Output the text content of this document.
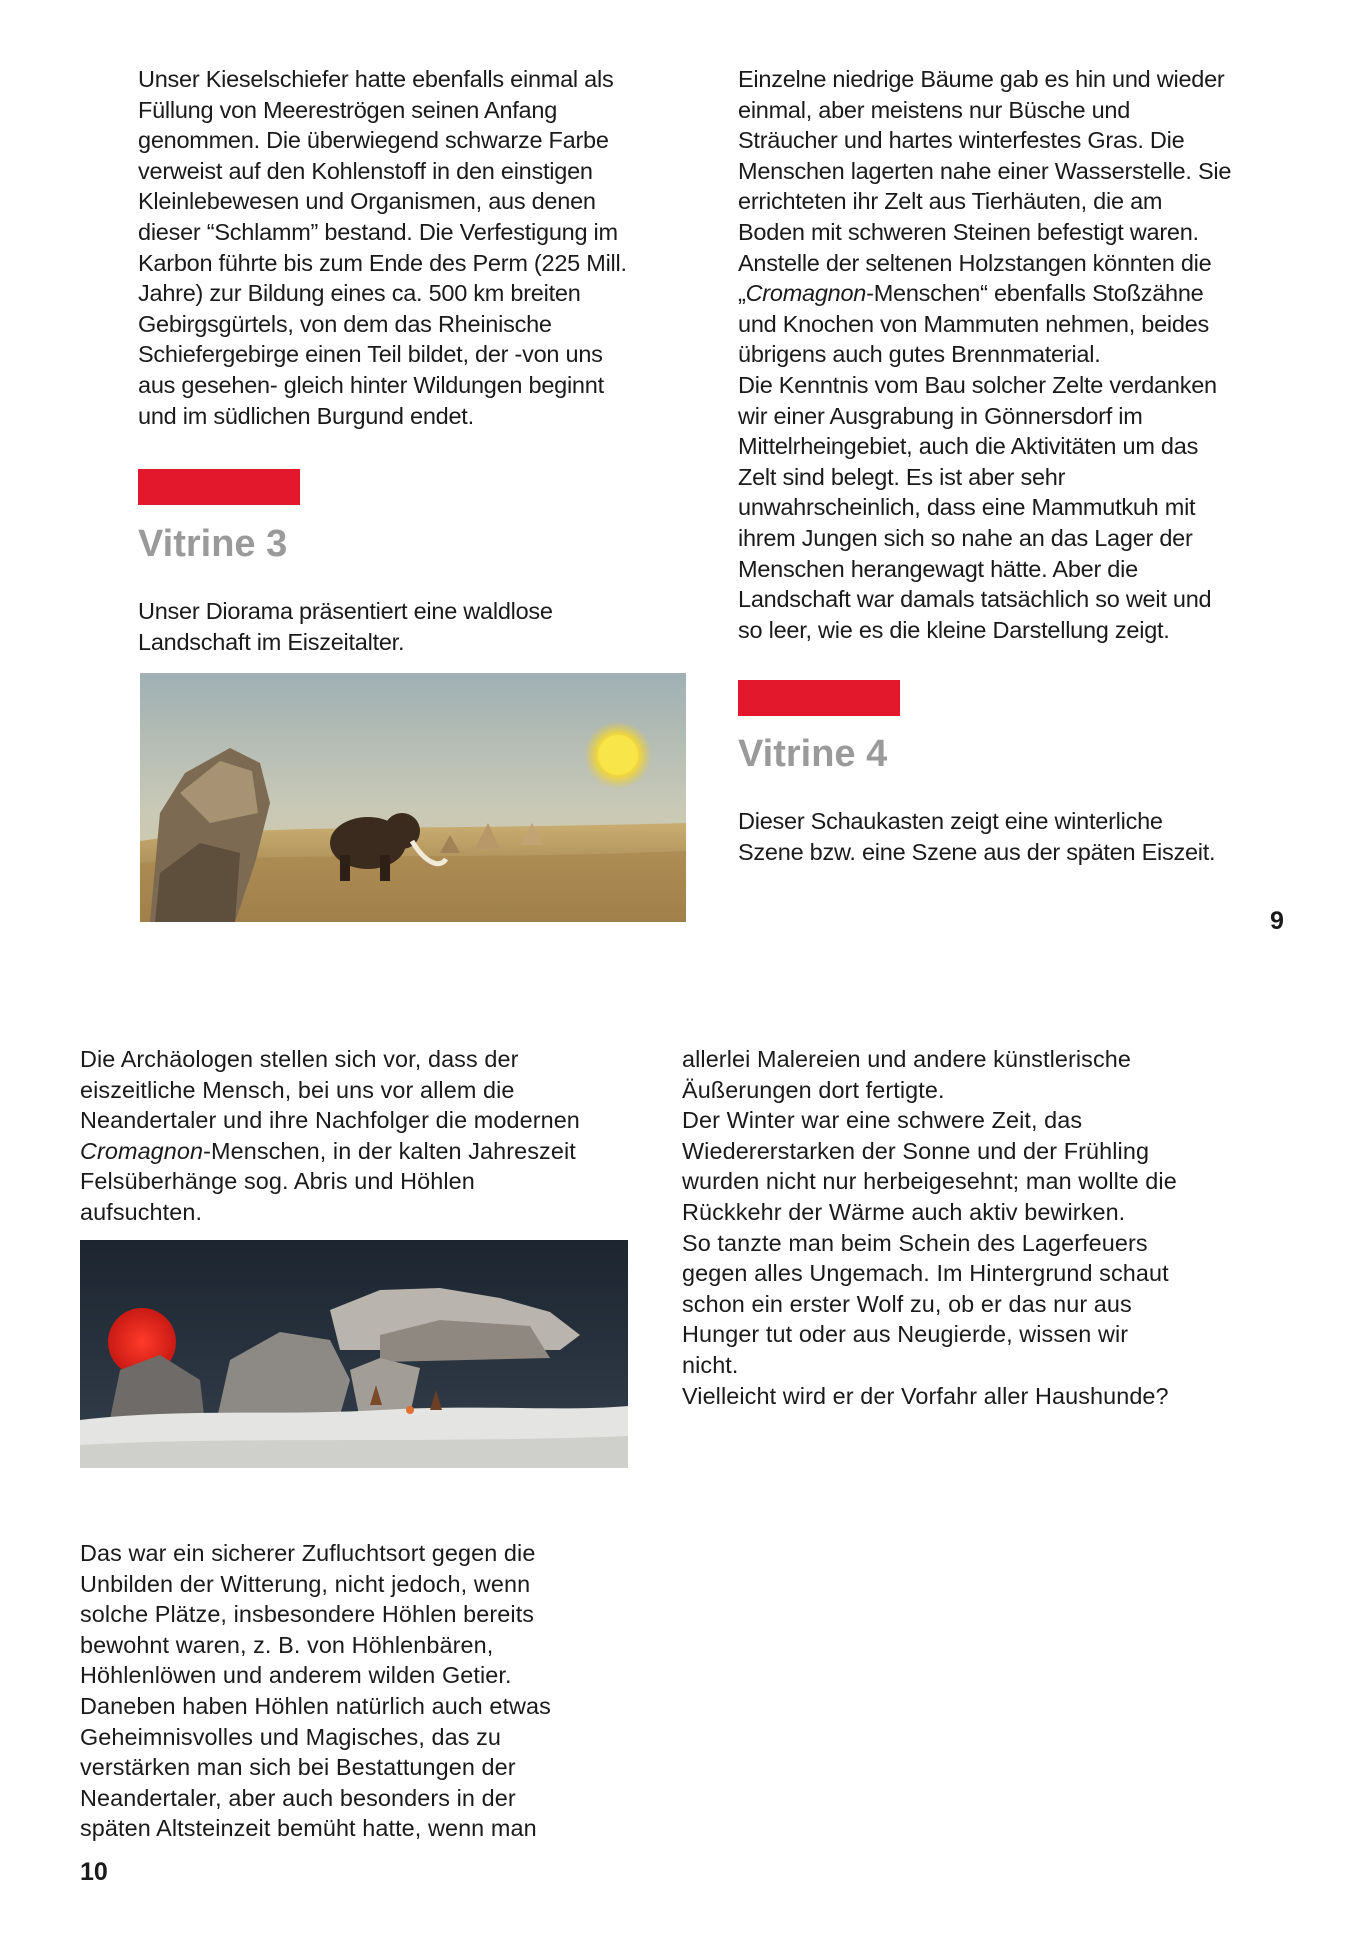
Unser Kieselschiefer hatte ebenfalls einmal als
Füllung von Meereströgen seinen Anfang
genommen. Die überwiegend schwarze Farbe
verweist auf den Kohlenstoff in den einstigen
Kleinlebewesen und Organismen, aus denen
dieser “Schlamm” bestand. Die Verfestigung im
Karbon führte bis zum Ende des Perm (225 Mill.
Jahre) zur Bildung eines ca. 500 km breiten
Gebirgsgürtels, von dem das Rheinische
Schiefergebirge einen Teil bildet, der -von uns
aus gesehen- gleich hinter Wildungen beginnt
und im südlichen Burgund endet.

Vitrine 3

Unser Diorama präsentiert eine waldlose
Landschaft im Eiszeitalter.

Einzelne niedrige Bäume gab es hin und wieder
einmal, aber meistens nur Büsche und
Sträucher und hartes winterfestes Gras. Die
Menschen lagerten nahe einer Wasserstelle. Sie
errichteten ihr Zelt aus Tierhäuten, die am
Boden mit schweren Steinen befestigt waren.
Anstelle der seltenen Holzstangen könnten die
„Cromagnon-Menschen“ ebenfalls Stoßzähne
und Knochen von Mammuten nehmen, beides
übrigens auch gutes Brennmaterial.
Die Kenntnis vom Bau solcher Zelte verdanken
wir einer Ausgrabung in Gönnersdorf im
Mittelrheingebiet, auch die Aktivitäten um das
Zelt sind belegt. Es ist aber sehr
unwahrscheinlich, dass eine Mammutkuh mit
ihrem Jungen sich so nahe an das Lager der
Menschen herangewagt hätte. Aber die
Landschaft war damals tatsächlich so weit und
so leer, wie es die kleine Darstellung zeigt.

Vitrine 4

Dieser Schaukasten zeigt eine winterliche
Szene bzw. eine Szene aus der späten Eiszeit.

9

Die Archäologen stellen sich vor, dass der
eiszeitliche Mensch, bei uns vor allem die
Neandertaler und ihre Nachfolger die modernen
Cromagnon-Menschen, in der kalten Jahreszeit
Felsüberhänge sog. Abris und Höhlen
aufsuchten.

Das war ein sicherer Zufluchtsort gegen die
Unbilden der Witterung, nicht jedoch, wenn
solche Plätze, insbesondere Höhlen bereits
bewohnt waren, z. B. von Höhlenbären,
Höhlenlöwen und anderem wilden Getier.
Daneben haben Höhlen natürlich auch etwas
Geheimnisvolles und Magisches, das zu
verstärken man sich bei Bestattungen der
Neandertaler, aber auch besonders in der
späten Altsteinzeit bemüht hatte, wenn man

allerlei Malereien und andere künstlerische
Äußerungen dort fertigte.
Der Winter war eine schwere Zeit, das
Wiedererstarken der Sonne und der Frühling
wurden nicht nur herbeigesehnt; man wollte die
Rückkehr der Wärme auch aktiv bewirken.
So tanzte man beim Schein des Lagerfeuers
gegen alles Ungemach. Im Hintergrund schaut
schon ein erster Wolf zu, ob er das nur aus
Hunger tut oder aus Neugierde, wissen wir
nicht.
Vielleicht wird er der Vorfahr aller Haushunde?

10
